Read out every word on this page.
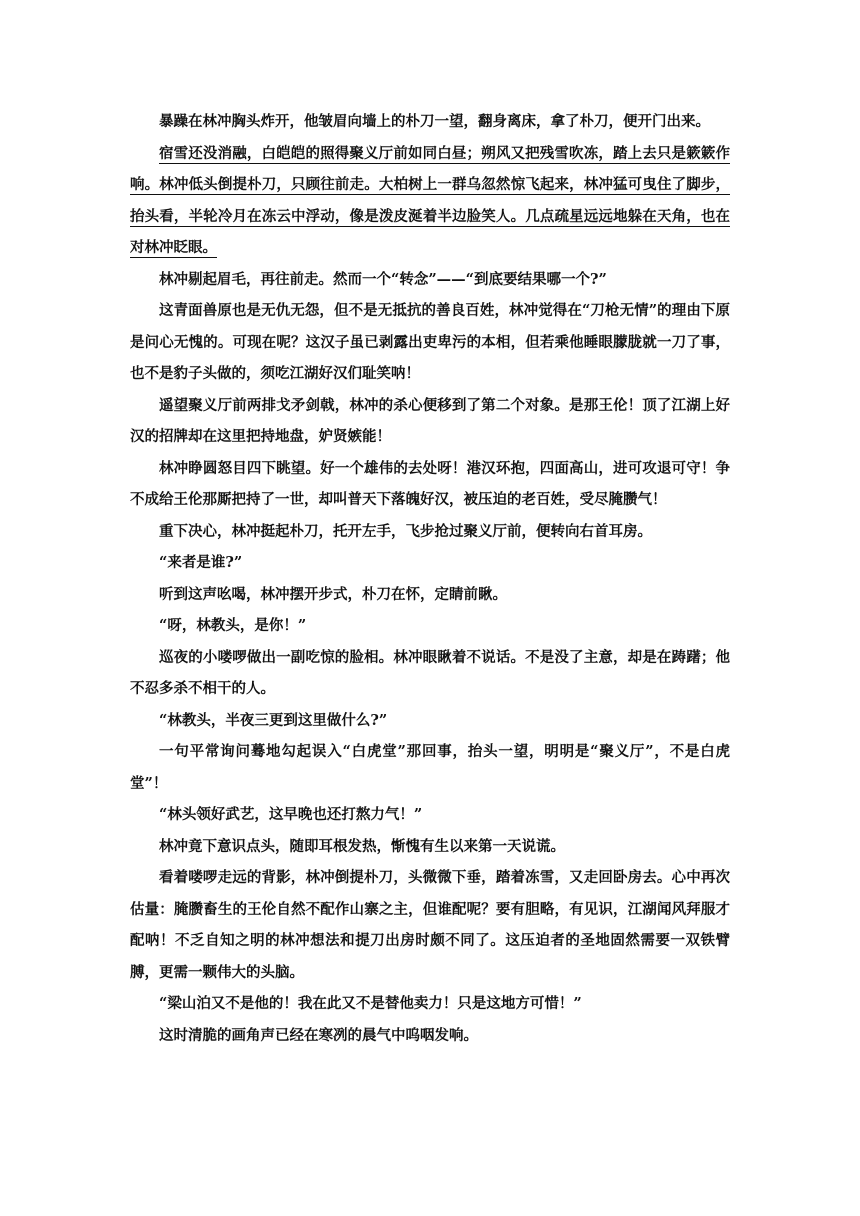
暴躁在林冲胸头炸开，他皱眉向墙上的朴刀一望，翻身离床，拿了朴刀，便开门出来。

宿雪还没消融，白皑皑的照得聚义厅前如同白昼；朔风又把残雪吹冻，踏上去只是簌簌作响。林冲低头倒提朴刀，只顾往前走。大柏树上一群乌忽然惊飞起来，林冲猛可曳住了脚步，抬头看，半轮冷月在冻云中浮动，像是泼皮涎着半边脸笑人。几点疏星远远地躲在天角，也在对林冲眨眼。

林冲剔起眉毛，再往前走。然而一个“转念”——“到底要结果哪一个?”

这青面兽原也是无仇无怨，但不是无抵抗的善良百姓，林冲觉得在“刀枪无情”的理由下原是问心无愧的。可现在呢？这汉子虽已剥露出吏卑污的本相，但若乘他睡眼朦胧就一刀了事，也不是豹子头做的，须吃江湖好汉们耻笑呐！

遥望聚义厅前两排戈矛剑戟，林冲的杀心便移到了第二个对象。是那王伦！顶了江湖上好汉的招牌却在这里把持地盘，妒贤嫉能！

林冲睁圆怒目四下眺望。好一个雄伟的去处呀！港汉环抱，四面高山，进可攻退可守！争不成给王伦那厮把持了一世，却叫普天下落魄好汉，被压迫的老百姓，受尽腌臜气！

重下决心，林冲挺起朴刀，托开左手，飞步抢过聚义厅前，便转向右首耳房。

“来者是谁?”

听到这声吆喝，林冲摆开步式，朴刀在怀，定睛前瞅。

“呀，林教头，是你！”

巡夜的小喽啰做出一副吃惊的脸相。林冲眼瞅着不说话。不是没了主意，却是在踌躇；他不忍多杀不相干的人。

“林教头，半夜三更到这里做什么?”

一句平常询问蓦地勾起误入“白虎堂”那回事，抬头一望，明明是“聚义厅”，不是白虎堂”！

“林头领好武艺，这早晚也还打熬力气！”

林冲竟下意识点头，随即耳根发热，惭愧有生以来第一天说谎。

看着喽啰走远的背影，林冲倒提朴刀，头微微下垂，踏着冻雪，又走回卧房去。心中再次估量：腌臜畜生的王伦自然不配作山寨之主，但谁配呢？要有胆略，有见识，江湖闻风拜服才配呐！不乏自知之明的林冲想法和提刀出房时颇不同了。这压迫者的圣地固然需要一双铁臂膊，更需一颗伟大的头脑。

“梁山泊又不是他的！我在此又不是替他卖力！只是这地方可惜！”

这时清脆的画角声已经在寒冽的晨气中呜咽发响。
